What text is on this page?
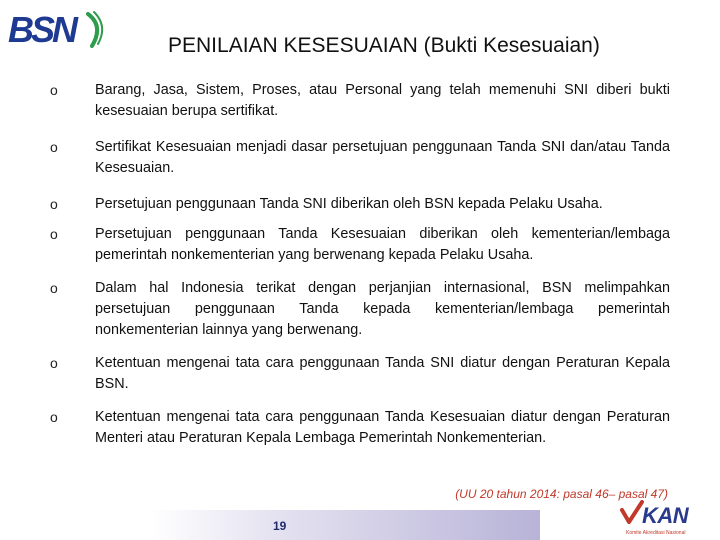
BSN	PENILAIAN KESESUAIAN (Bukti Kesesuaian)
o	Barang, Jasa, Sistem, Proses, atau Personal yang telah memenuhi SNI diberi bukti kesesuaian berupa sertifikat.
o	Sertifikat Kesesuaian menjadi dasar persetujuan penggunaan Tanda SNI dan/atau Tanda Kesesuaian.
o	Persetujuan penggunaan Tanda SNI diberikan oleh BSN kepada Pelaku Usaha.
o	Persetujuan penggunaan Tanda Kesesuaian diberikan oleh kementerian/lembaga pemerintah nonkementerian yang berwenang kepada Pelaku Usaha.
o	Dalam hal Indonesia terikat dengan perjanjian internasional, BSN melimpahkan persetujuan penggunaan Tanda kepada kementerian/lembaga pemerintah nonkementerian lainnya yang berwenang.
o	Ketentuan mengenai tata cara penggunaan Tanda SNI diatur dengan Peraturan Kepala BSN.
o	Ketentuan mengenai tata cara penggunaan Tanda Kesesuaian diatur dengan Peraturan Menteri atau Peraturan Kepala Lembaga Pemerintah Nonkementerian.
(UU 20 tahun 2014: pasal 46– pasal 47)
19	KAN
Komite Akreditasi Nasional
